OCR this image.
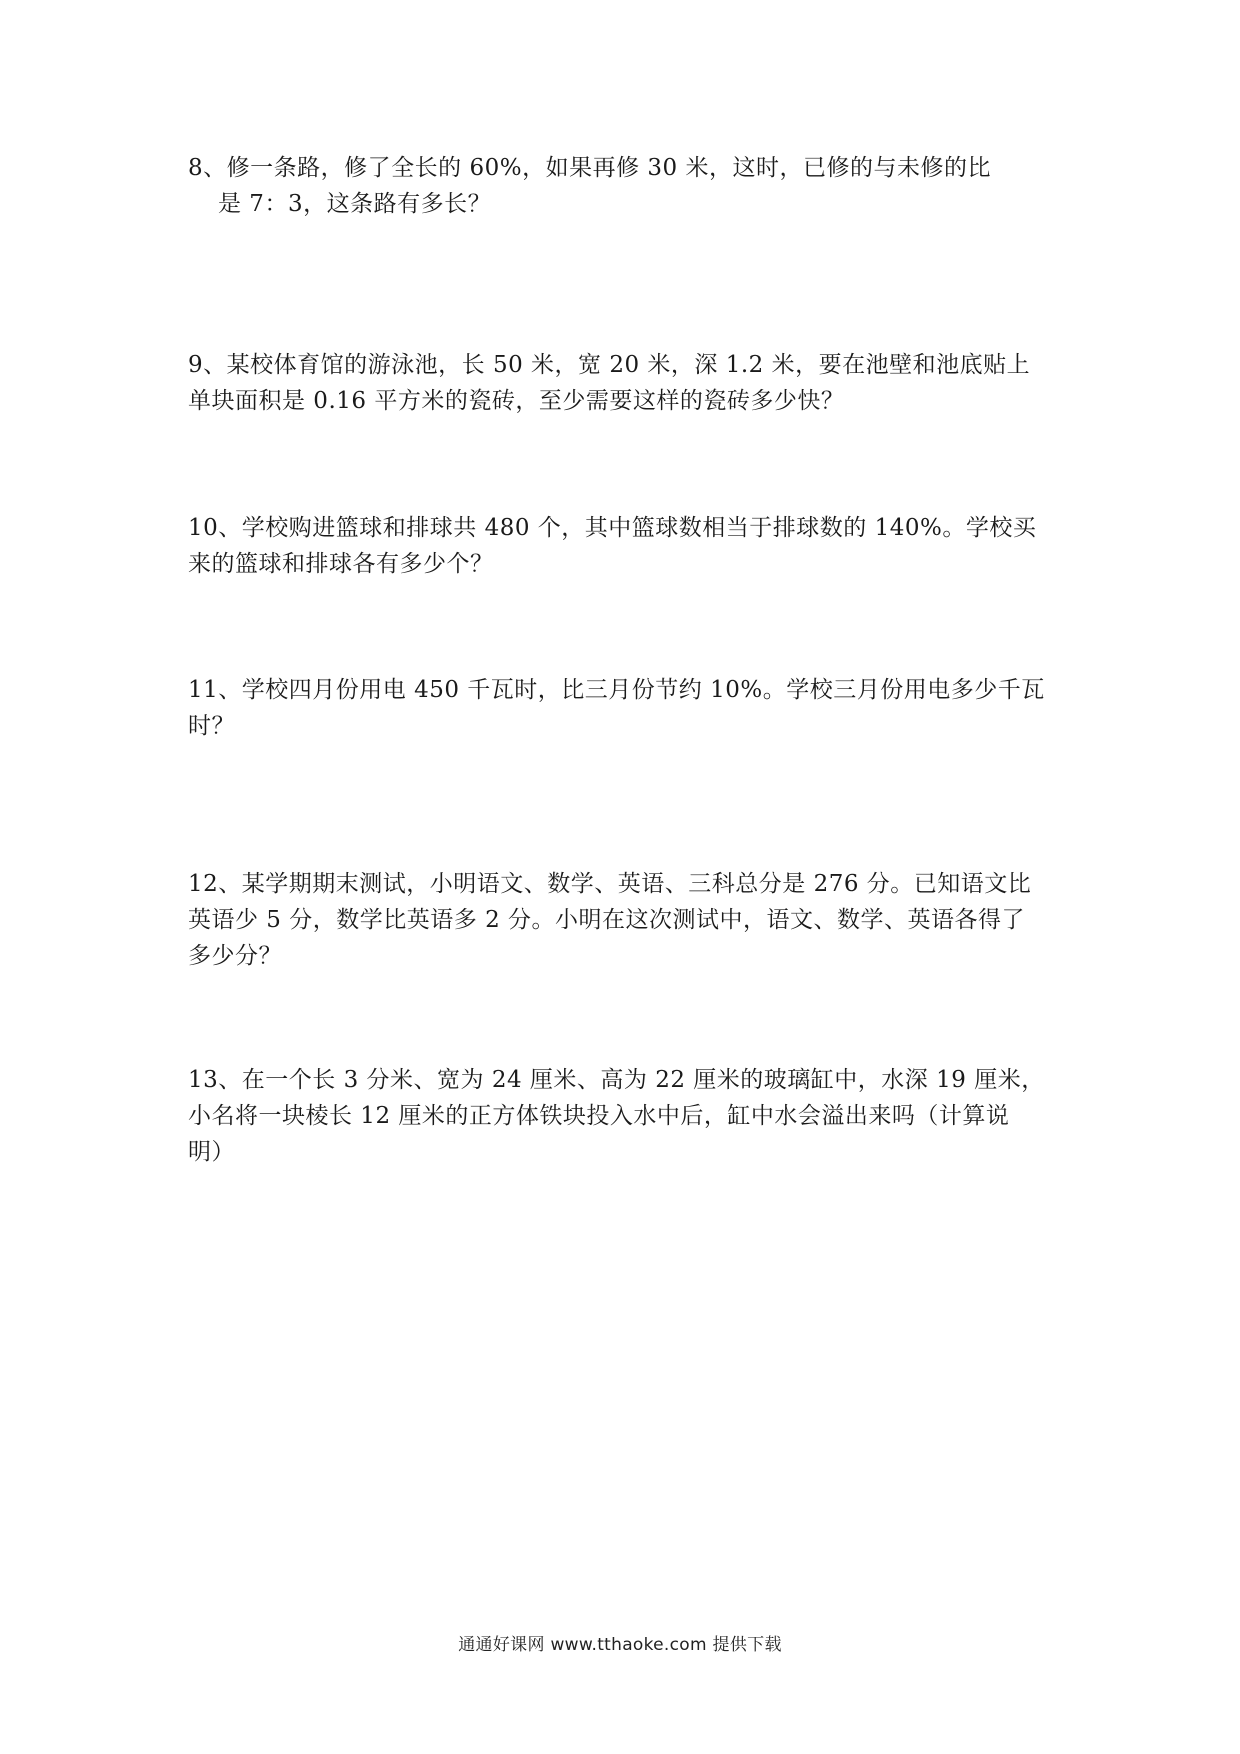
8、修一条路，修了全长的 60%，如果再修 30 米，这时，已修的与未修的比
是 7：3，这条路有多长？
9、某校体育馆的游泳池，长 50 米，宽 20 米，深 1.2 米，要在池壁和池底贴上
单块面积是 0.16 平方米的瓷砖，至少需要这样的瓷砖多少快？
10、学校购进篮球和排球共 480 个，其中篮球数相当于排球数的 140%。学校买
来的篮球和排球各有多少个？
11、学校四月份用电 450 千瓦时，比三月份节约 10%。学校三月份用电多少千瓦
时？
12、某学期期末测试，小明语文、数学、英语、三科总分是 276 分。已知语文比
英语少 5 分，数学比英语多 2 分。小明在这次测试中，语文、数学、英语各得了
多少分？
13、在一个长 3 分米、宽为 24 厘米、高为 22 厘米的玻璃缸中，水深 19 厘米，
小名将一块棱长 12 厘米的正方体铁块投入水中后，缸中水会溢出来吗（计算说
明）
通通好课网 www.tthaoke.com 提供下载
